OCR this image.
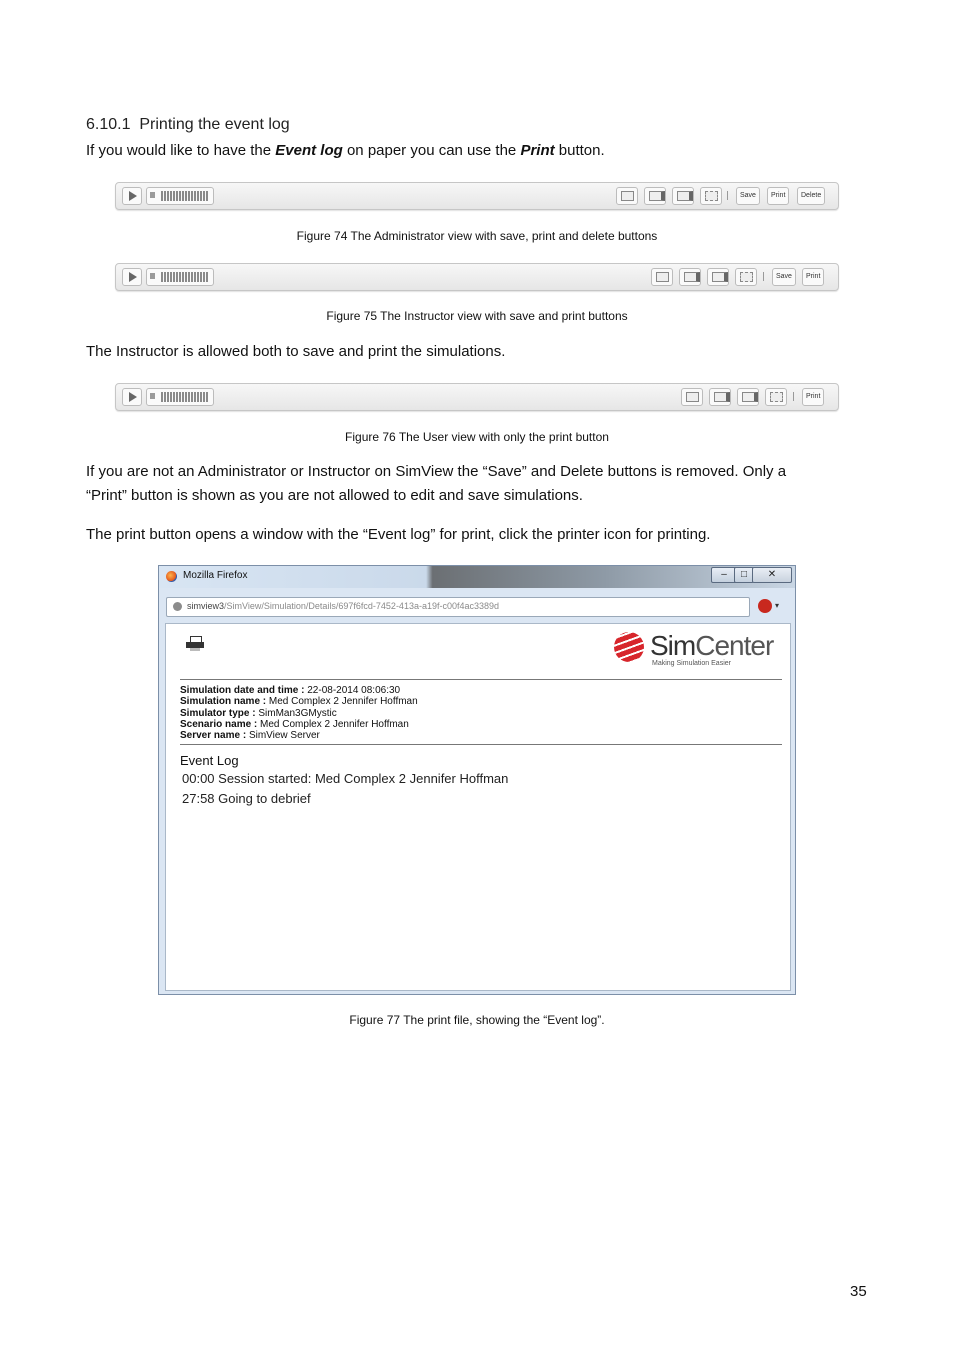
6.10.1 Printing the event log
If you would like to have the Event log on paper you can use the Print button.
Save	Print	Delete
Figure 74 The Administrator view with save, print and delete buttons
Save	Print
Figure 75 The Instructor view with save and print buttons
The Instructor is allowed both to save and print the simulations.
Print
Figure 76 The User view with only the print button
If you are not an Administrator or Instructor on SimView the “Save” and Delete buttons is removed. Only a
“Print” button is shown as you are not allowed to edit and save simulations.
The print button opens a window with the “Event log” for print, click the printer icon for printing.
Mozilla Firefox	–	□	✕
simview3/SimView/Simulation/Details/697f6fcd-7452-413a-a19f-c00f4ac3389d	▾
SimCenter
Making Simulation Easier
Simulation date and time : 22-08-2014 08:06:30
Simulation name : Med Complex 2 Jennifer Hoffman
Simulator type : SimMan3GMystic
Scenario name : Med Complex 2 Jennifer Hoffman
Server name : SimView Server
Event Log
00:00 Session started: Med Complex 2 Jennifer Hoffman
27:58 Going to debrief
Figure 77 The print file, showing the “Event log”.
35
